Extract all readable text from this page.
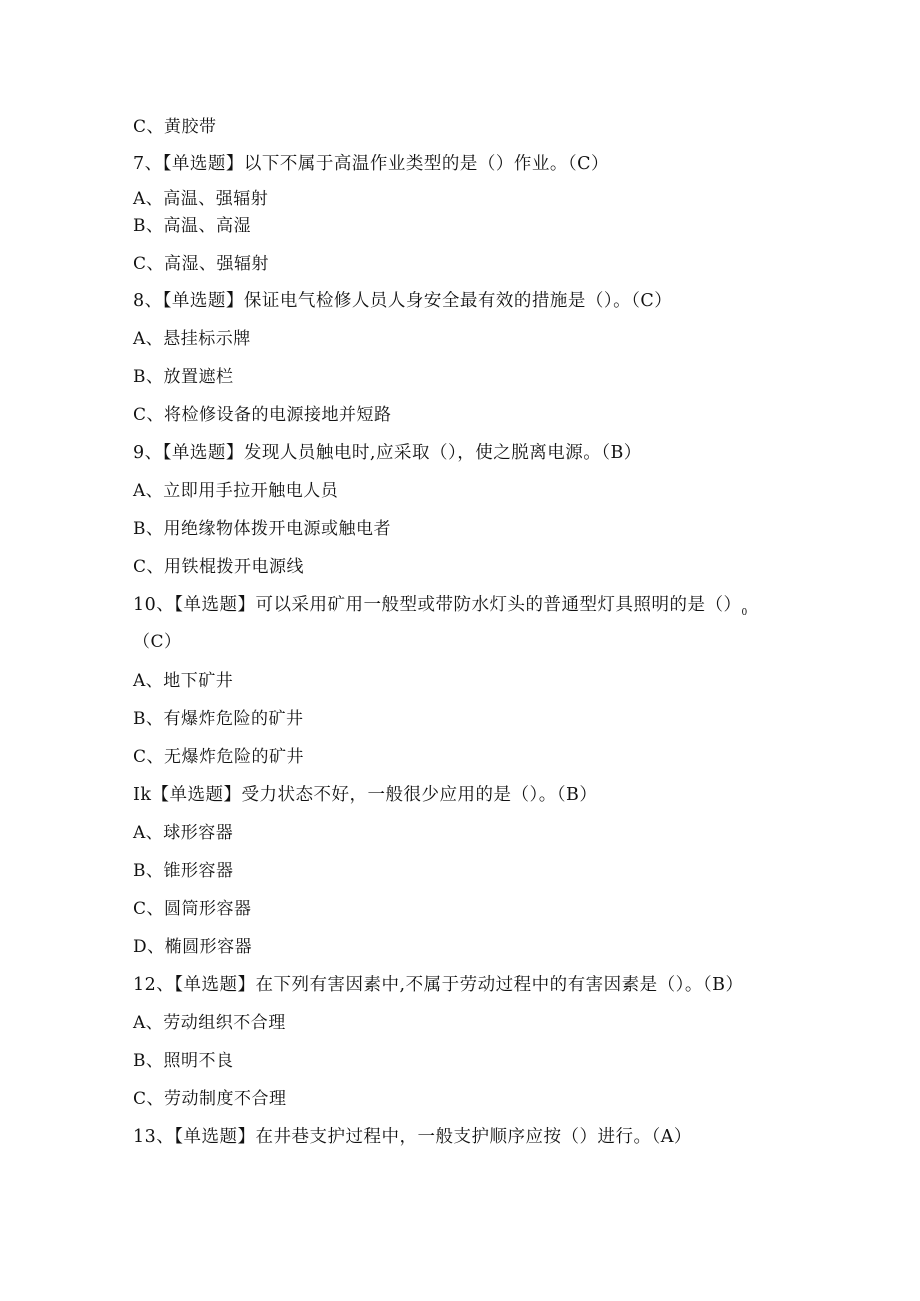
C、黄胶带
7、【单选题】以下不属于高温作业类型的是（）作业。（C）
A、高温、强辐射
B、高温、高湿
C、高湿、强辐射
8、【单选题】保证电气检修人员人身安全最有效的措施是（）。（C）
A、悬挂标示牌
B、放置遮栏
C、将检修设备的电源接地并短路
9、【单选题】发现人员触电时,应采取（），使之脱离电源。（B）
A、立即用手拉开触电人员
B、用绝缘物体拨开电源或触电者
C、用铁棍拨开电源线
10、【单选题】可以采用矿用一般型或带防水灯头的普通型灯具照明的是$()_0$
（C）
A、地下矿井
B、有爆炸危险的矿井
C、无爆炸危险的矿井
Ik【单选题】受力状态不好，一般很少应用的是（）。（B）
A、球形容器
B、锥形容器
C、圆筒形容器
D、椭圆形容器
12、【单选题】在下列有害因素中,不属于劳动过程中的有害因素是（）。（B）
A、劳动组织不合理
B、照明不良
C、劳动制度不合理
13、【单选题】在井巷支护过程中，一般支护顺序应按（）进行。（A）
